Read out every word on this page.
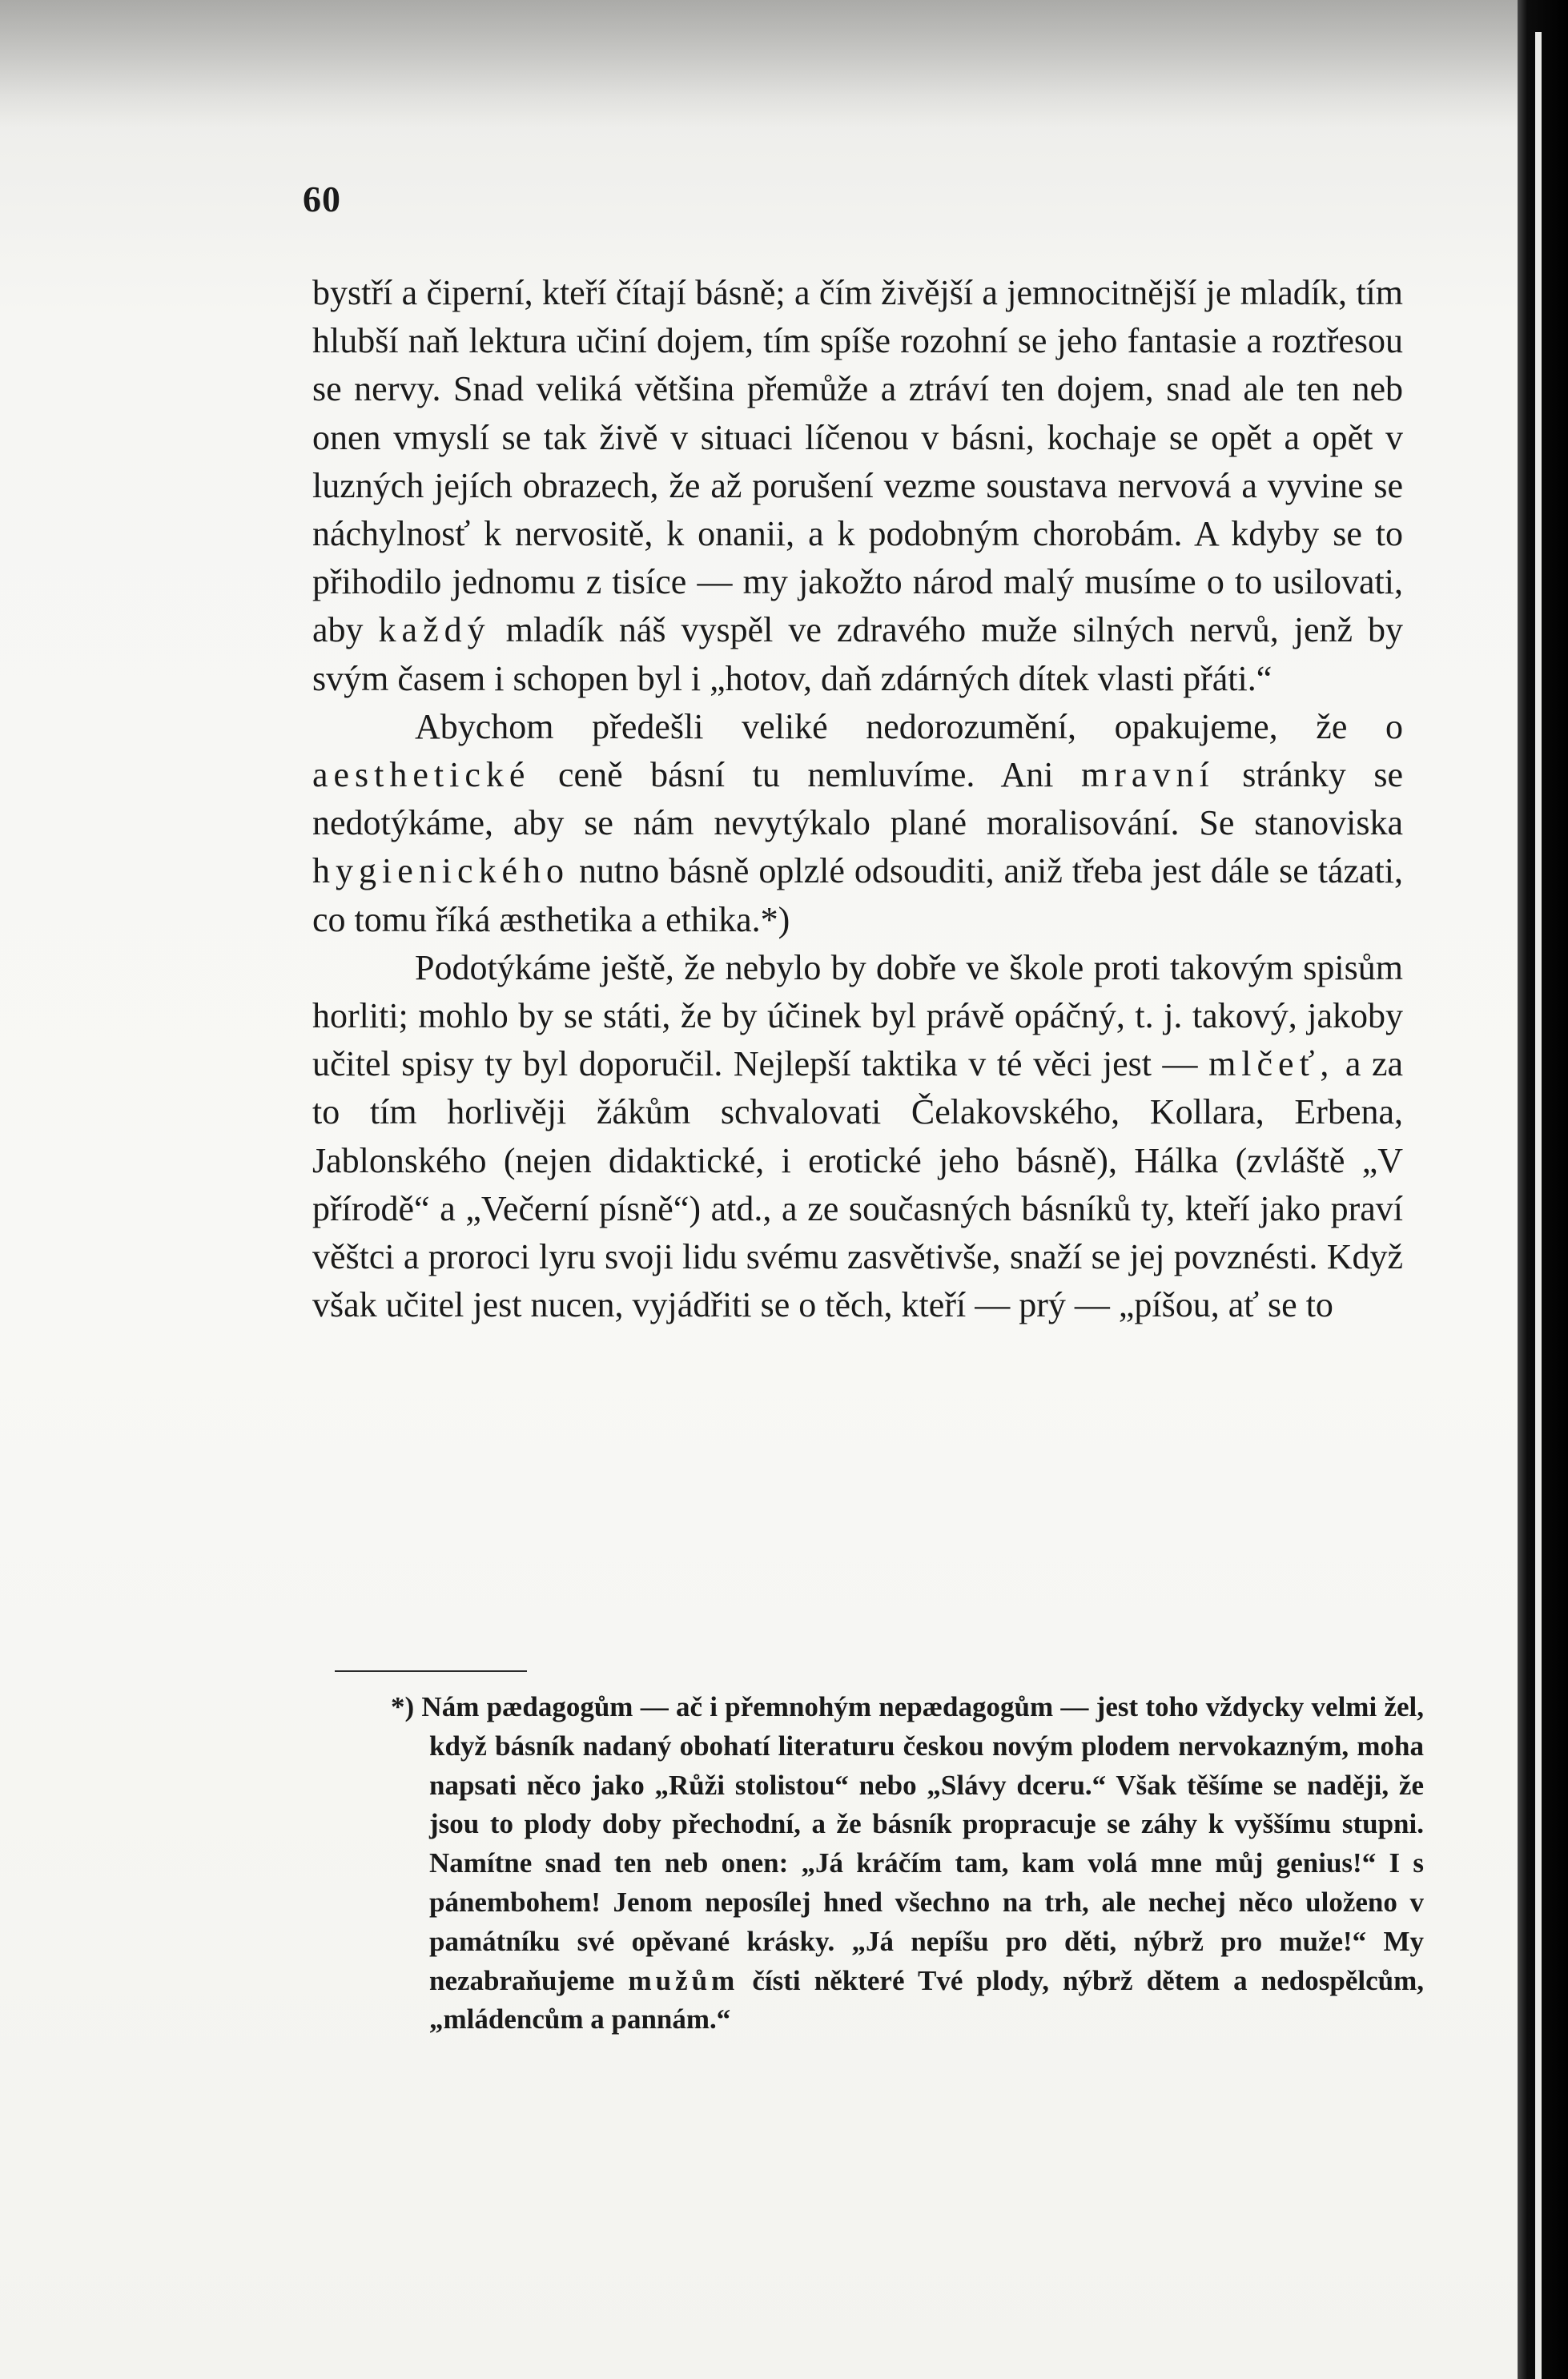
60

bystří a čiperní, kteří čítají básně; a čím živější a jemnocitnější je mladík, tím hlubší naň lektura učiní dojem, tím spíše rozohní se jeho fantasie a roztřesou se nervy. Snad veliká většina přemůže a ztráví ten dojem, snad ale ten neb onen vmyslí se tak živě v situaci líčenou v básni, kochaje se opět a opět v luzných jejích obrazech, že až porušení vezme soustava nervová a vyvine se náchylnosť k nervositě, k onanii, a k podobným chorobám. A kdyby se to přihodilo jednomu z tisíce — my jakožto národ malý musíme o to usilovati, aby každý mladík náš vyspěl ve zdravého muže silných nervů, jenž by svým časem i schopen byl i „hotov, daň zdárných dítek vlasti přáti.“

Abychom předešli veliké nedorozumění, opakujeme, že o aesthetické ceně básní tu nemluvíme. Ani mravní stránky se nedotýkáme, aby se nám nevytýkalo plané moralisování. Se stanoviska hygienického nutno básně oplzlé odsouditi, aniž třeba jest dále se tázati, co tomu říká æsthetika a ethika.*)

Podotýkáme ještě, že nebylo by dobře ve škole proti takovým spisům horliti; mohlo by se státi, že by účinek byl právě opáčný, t. j. takový, jakoby učitel spisy ty byl doporučil. Nejlepší taktika v té věci jest — mlčeť, a za to tím horlivěji žákům schvalovati Čelakovského, Kollara, Erbena, Jablonského (nejen didaktické, i erotické jeho básně), Hálka (zvláště „V přírodě“ a „Večerní písně“) atd., a ze současných básníků ty, kteří jako praví věštci a proroci lyru svoji lidu svému zasvětivše, snaží se jej povznésti. Když však učitel jest nucen, vyjádřiti se o těch, kteří — prý — „píšou, ať se to

*) Nám pædagogům — ač i přemnohým nepædagogům — jest toho vždycky velmi žel, když básník nadaný obohatí literaturu českou novým plodem nervokazným, moha napsati něco jako „Růži stolistou“ nebo „Slávy dceru.“ Však těšíme se naději, že jsou to plody doby přechodní, a že básník propracuje se záhy k vyššímu stupni. Namítne snad ten neb onen: „Já kráčím tam, kam volá mne můj genius!“ I s pánembohem! Jenom neposílej hned všechno na trh, ale nechej něco uloženo v památníku své opěvané krásky. „Já nepíšu pro děti, nýbrž pro muže!“ My nezabraňujeme mužům čísti některé Tvé plody, nýbrž dětem a nedospělcům, „mládencům a pannám.“
